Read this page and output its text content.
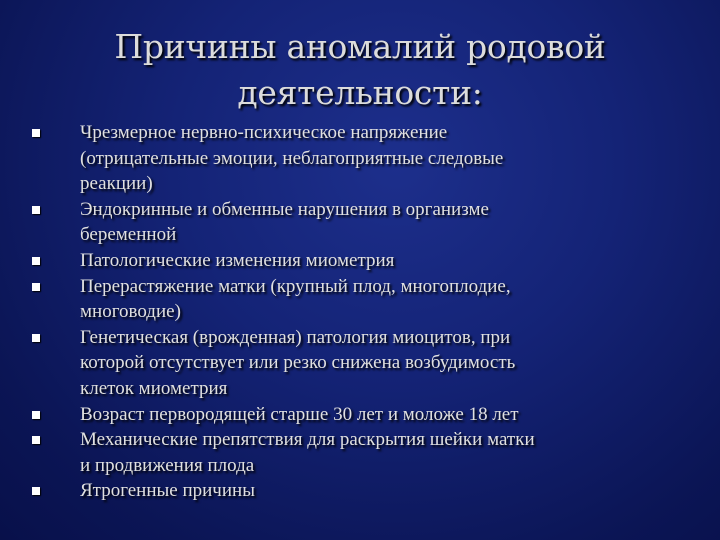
Причины аномалий родовой
деятельности:
Чрезмерное нервно-психическое напряжение
(отрицательные эмоции, неблагоприятные следовые
реакции)
Эндокринные и обменные нарушения в организме
беременной
Патологические изменения миометрия
Перерастяжение матки (крупный плод, многоплодие,
многоводие)
Генетическая (врожденная) патология миоцитов, при
которой отсутствует или резко снижена возбудимость
клеток миометрия
Возраст первородящей старше 30 лет и моложе 18 лет
Механические препятствия для раскрытия шейки матки
и продвижения плода
Ятрогенные причины
